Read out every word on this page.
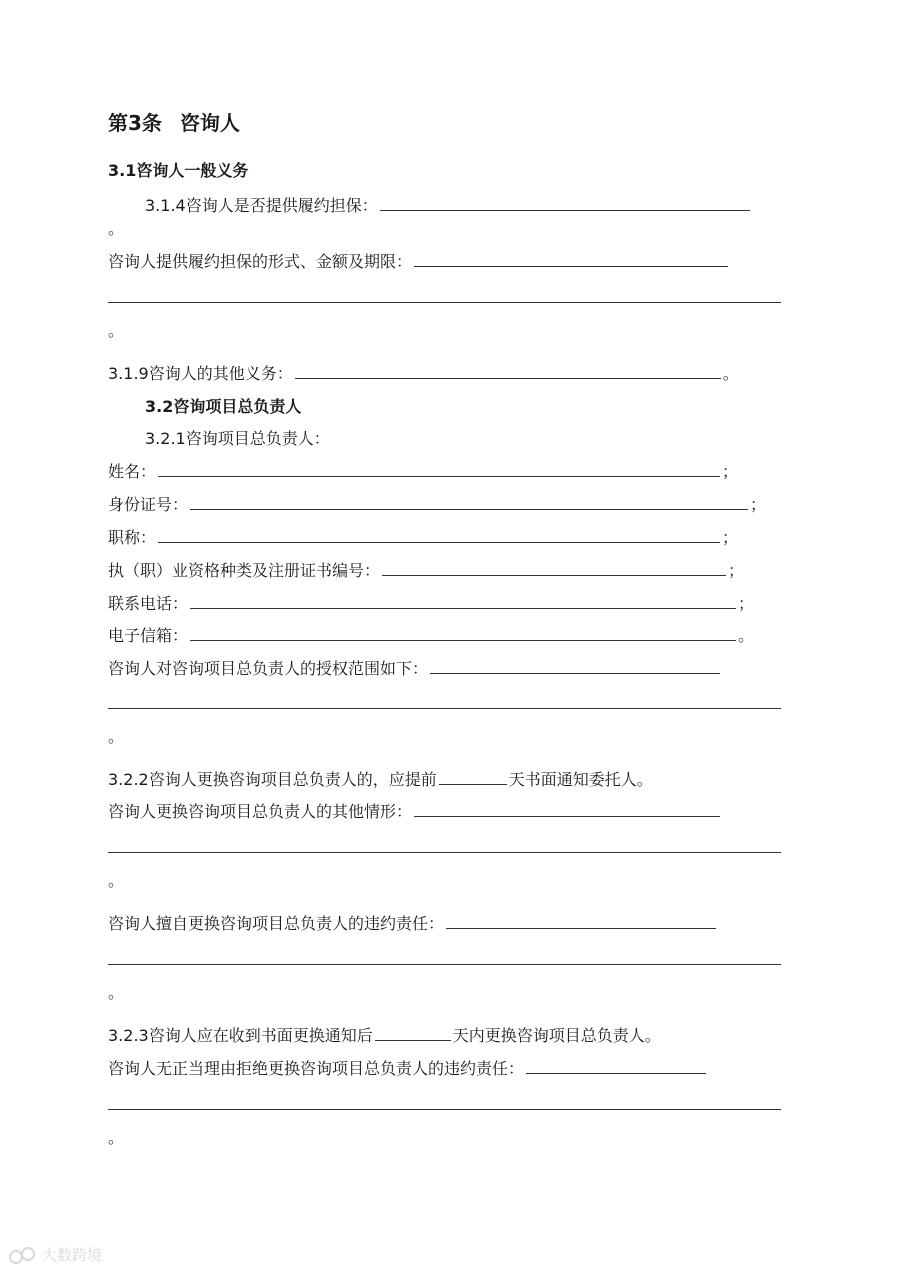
第3条 咨询人
3.1咨询人一般义务
3.1.4咨询人是否提供履约担保：
。
咨询人提供履约担保的形式、金额及期限：
。
3.1.9咨询人的其他义务：	。
3.2咨询项目总负责人
3.2.1咨询项目总负责人：
姓名：	；
身份证号：	；
职称：	；
执（职）业资格种类及注册证书编号：	；
联系电话：	；
电子信箱：	。
咨询人对咨询项目总负责人的授权范围如下：
。
3.2.2咨询人更换咨询项目总负责人的，应提前	天书面通知委托人。
咨询人更换咨询项目总负责人的其他情形：
。
咨询人擅自更换咨询项目总负责人的违约责任：
。
3.2.3咨询人应在收到书面更换通知后	天内更换咨询项目总负责人。
咨询人无正当理由拒绝更换咨询项目总负责人的违约责任：
。
大数跨境
